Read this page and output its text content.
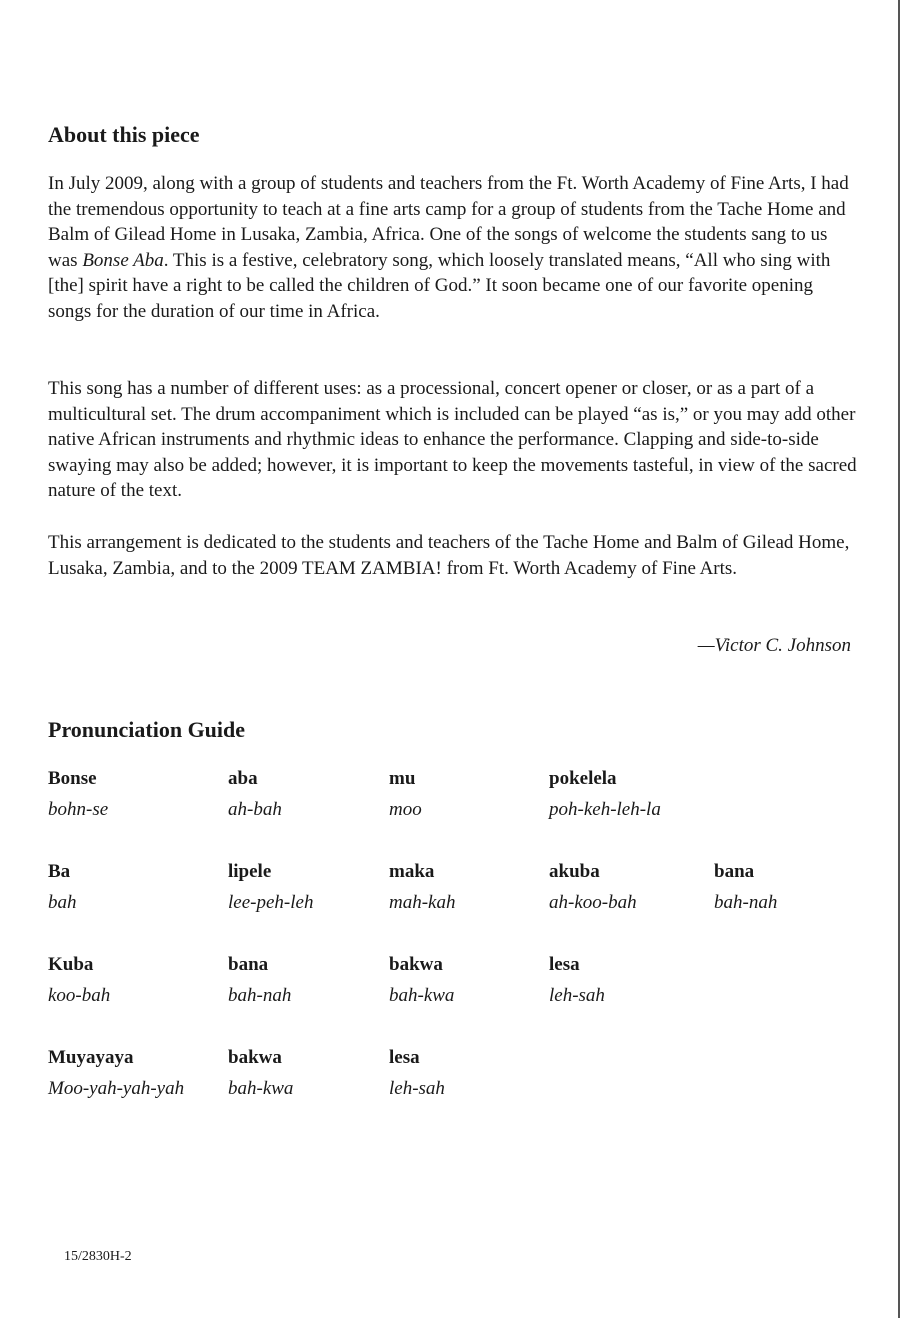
About this piece

In July 2009, along with a group of students and teachers from the Ft. Worth Academy of Fine Arts, I had the tremendous opportunity to teach at a fine arts camp for a group of students from the Tache Home and Balm of Gilead Home in Lusaka, Zambia, Africa. One of the songs of welcome the students sang to us was Bonse Aba. This is a festive, celebratory song, which loosely translated means, “All who sing with [the] spirit have a right to be called the children of God.” It soon became one of our favorite opening songs for the duration of our time in Africa.

This song has a number of different uses: as a processional, concert opener or closer, or as a part of a multicultural set. The drum accompaniment which is included can be played “as is,” or you may add other native African instruments and rhythmic ideas to enhance the performance. Clapping and side-to-side swaying may also be added; however, it is important to keep the movements tasteful, in view of the sacred nature of the text.

This arrangement is dedicated to the students and teachers of the Tache Home and Balm of Gilead Home, Lusaka, Zambia, and to the 2009 TEAM ZAMBIA! from Ft. Worth Academy of Fine Arts.

—Victor C. Johnson

Pronunciation Guide
Bonse
bohn-se
aba
ah-bah
mu
moo
pokelela
poh-keh-leh-la
Ba
bah
lipele
lee-peh-leh
maka
mah-kah
akuba
ah-koo-bah
bana
bah-nah
Kuba
koo-bah
bana
bah-nah
bakwa
bah-kwa
lesa
leh-sah
Muyayaya
Moo-yah-yah-yah
bakwa
bah-kwa
lesa
leh-sah

15/2830H-2
